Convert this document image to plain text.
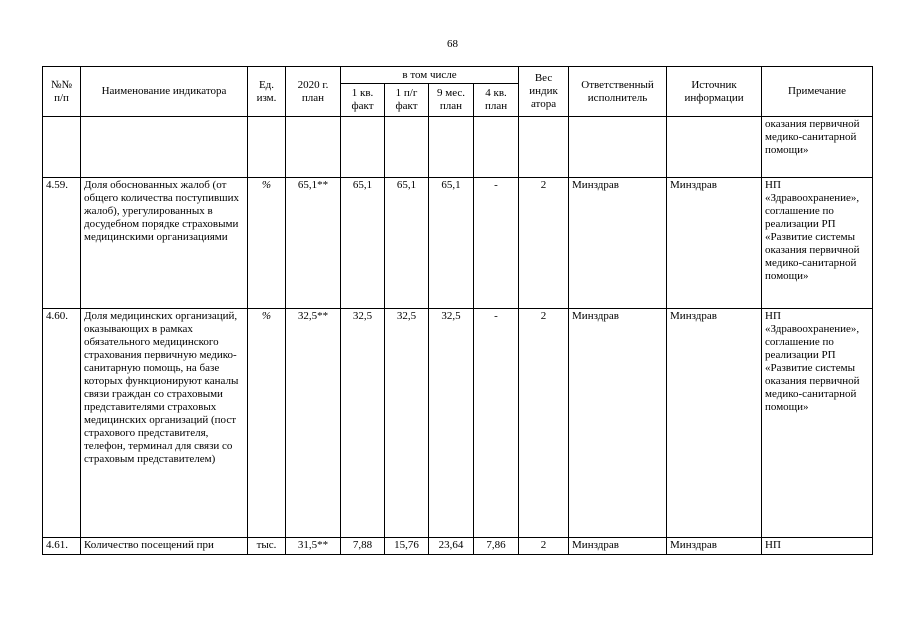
68
№№ п/п	Наименование индикатора	Ед. изм.	2020 г. план	в том числе				Вес индик атора	Ответственный исполнитель	Источник информации	Примечание
				1 кв. факт	1 п/г факт	9 мес. план	4 кв. план				
											оказания первичной медико-санитарной помощи»
4.59.	Доля обоснованных жалоб (от общего количества поступивших жалоб), урегулированных в досудебном порядке страховыми медицинскими организациями	%	65,1**	65,1	65,1	65,1	-	2	Минздрав	Минздрав	НП «Здравоохранение», соглашение по реализации РП «Развитие системы оказания первичной медико-санитарной помощи»
4.60.	Доля медицинских организаций, оказывающих в рамках обязательного медицинского страхования первичную медико-санитарную помощь, на базе которых функционируют каналы связи граждан со страховыми представителями страховых медицинских организаций (пост страхового представителя, телефон, терминал для связи со страховым представителем)	%	32,5**	32,5	32,5	32,5	-	2	Минздрав	Минздрав	НП «Здравоохранение», соглашение по реализации РП «Развитие системы оказания первичной медико-санитарной помощи»
4.61.	Количество посещений при	тыс.	31,5**	7,88	15,76	23,64	7,86	2	Минздрав	Минздрав	НП
